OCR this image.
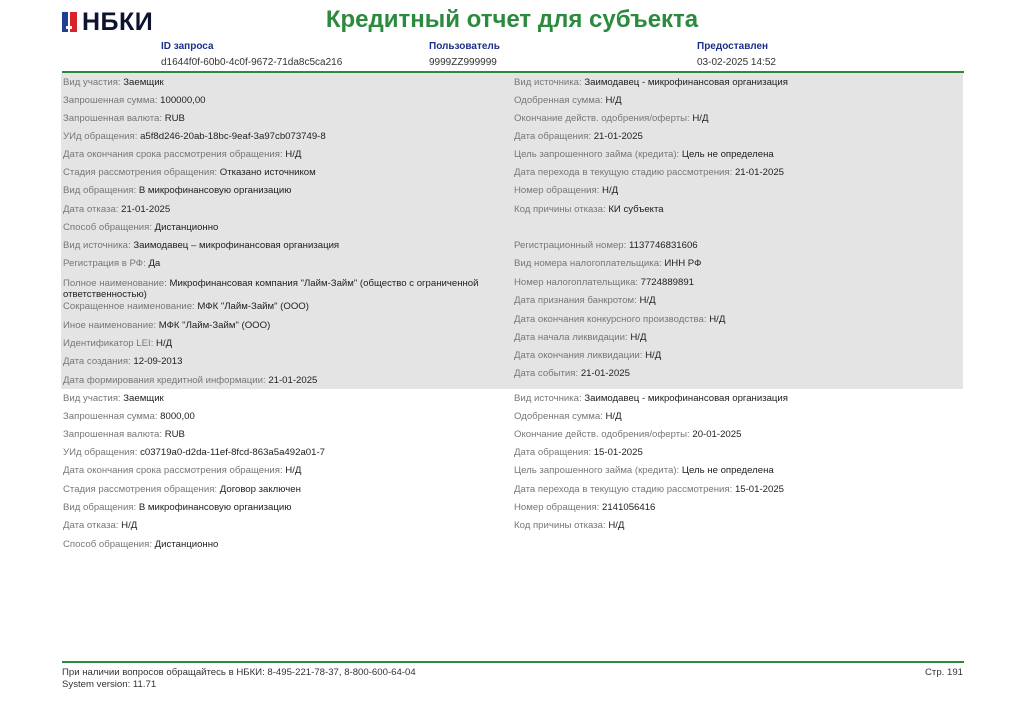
НБКИ	Кредитный отчет для субъекта
ID запроса
d1644f0f-60b0-4c0f-9672-71da8c5ca216
Пользователь
9999ZZ999999
Предоставлен
03-02-2025 14:52
Вид участия: Заемщик
Запрошенная сумма: 100000,00
Запрошенная валюта: RUB
УИд обращения: a5f8d246-20ab-18bc-9eaf-3a97cb073749-8
Дата окончания срока рассмотрения обращения: Н/Д
Стадия рассмотрения обращения: Отказано источником
Вид обращения: В микрофинансовую организацию
Дата отказа: 21-01-2025
Способ обращения: Дистанционно
Вид источника: Заимодавец – микрофинансовая организация
Регистрация в РФ: Да
Полное наименование: Микрофинансовая компания "Лайм-Займ" (общество с ограниченной ответственностью)
Сокращенное наименование: МФК "Лайм-Займ" (ООО)
Иное наименование: МФК "Лайм-Займ" (ООО)
Идентификатор LEI: Н/Д
Дата создания: 12-09-2013
Дата формирования кредитной информации: 21-01-2025
Вид источника: Заимодавец - микрофинансовая организация
Одобренная сумма: Н/Д
Окончание действ. одобрения/оферты: Н/Д
Дата обращения: 21-01-2025
Цель запрошенного займа (кредита): Цель не определена
Дата перехода в текущую стадию рассмотрения: 21-01-2025
Номер обращения: Н/Д
Код причины отказа: КИ субъекта
Регистрационный номер: 1137746831606
Вид номера налогоплательщика: ИНН РФ
Номер налогоплательщика: 7724889891
Дата признания банкротом: Н/Д
Дата окончания конкурсного производства: Н/Д
Дата начала ликвидации: Н/Д
Дата окончания ликвидации: Н/Д
Дата события: 21-01-2025
Вид участия: Заемщик
Запрошенная сумма: 8000,00
Запрошенная валюта: RUB
УИд обращения: c03719a0-d2da-11ef-8fcd-863a5a492a01-7
Дата окончания срока рассмотрения обращения: Н/Д
Стадия рассмотрения обращения: Договор заключен
Вид обращения: В микрофинансовую организацию
Дата отказа: Н/Д
Способ обращения: Дистанционно
Вид источника: Заимодавец - микрофинансовая организация
Одобренная сумма: Н/Д
Окончание действ. одобрения/оферты: 20-01-2025
Дата обращения: 15-01-2025
Цель запрошенного займа (кредита): Цель не определена
Дата перехода в текущую стадию рассмотрения: 15-01-2025
Номер обращения: 2141056416
Код причины отказа: Н/Д
При наличии вопросов обращайтесь в НБКИ: 8-495-221-78-37, 8-800-600-64-04
System version: 11.71
Стр. 191
